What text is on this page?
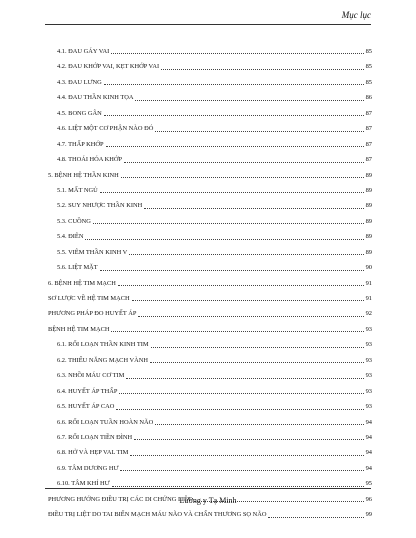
Mục lục
4.1. ĐAU GÁY VAI	85
4.2. ĐAU KHỚP VAI, KẸT KHỚP VAI	85
4.3. ĐAU LƯNG	85
4.4. ĐAU THẦN KINH TỌA	86
4.5. BONG GÂN	87
4.6. LIỆT MỘT CƠ PHẬN NÀO ĐÓ	87
4.7. THẤP KHỚP	87
4.8. THOÁI HÓA KHỚP	87
5. BỆNH HỆ THẦN KINH	89
5.1. MẤT NGỦ	89
5.2. SUY NHƯỢC THẦN KINH	89
5.3. CUỒNG	89
5.4. ĐIÊN	89
5.5. VIÊM THẦN KINH V	89
5.6. LIỆT MẶT	90
6. BỆNH HỆ TIM MẠCH	91
SƠ LƯỢC VỀ HỆ TIM MẠCH	91
PHƯƠNG PHÁP ĐO HUYẾT ÁP	92
BỆNH HỆ TIM MẠCH	93
6.1. RỐI LOẠN THẦN KINH TIM	93
6.2. THIỂU NĂNG MẠCH VÀNH	93
6.3. NHỒI MÁU CƠ TIM	93
6.4. HUYẾT ÁP THẤP	93
6.5. HUYẾT ÁP CAO	93
6.6. RỐI LOẠN TUẦN HOÀN NÃO	94
6.7. RỐI LOẠN TIỀN ĐÌNH	94
6.8. HỞ VÀ HẸP VAL TIM	94
6.9. TÂM DƯƠNG HƯ	94
6.10. TÂM KHÍ HƯ	95
PHƯƠNG HƯỚNG ĐIỀU TRỊ CÁC DI CHỨNG LIỆT	96
ĐIỀU TRỊ LIỆT DO TAI BIẾN MẠCH MÁU NÃO VÀ CHẤN THƯƠNG SỌ NÃO	99
Lương y Tạ Minh
